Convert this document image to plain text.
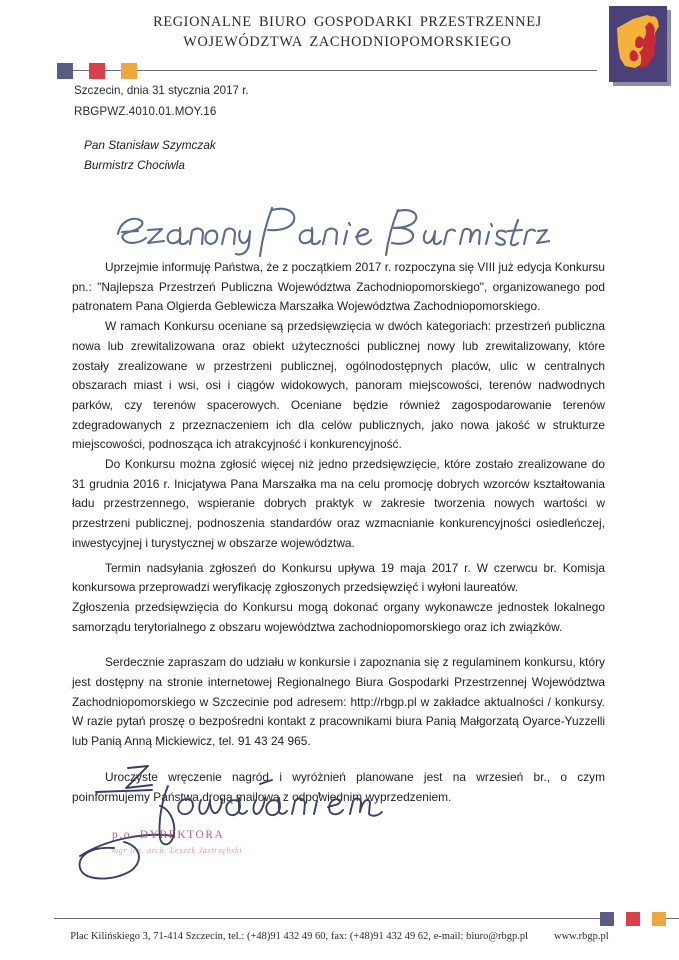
REGIONALNE BIURO GOSPODARKI PRZESTRZENNEJ
WOJEWÓDZTWA ZACHODNIOPOMORSKIEGO
Szczecin, dnia 31 stycznia 2017 r.
RBGPWZ.4010.01.MOY.16
Pan Stanisław Szymczak
Burmistrz Chociwla

Uprzejmie informuję Państwa, że z początkiem 2017 r. rozpoczyna się VIII już edycja Konkursu pn.: "Najlepsza Przestrzeń Publiczna Województwa Zachodniopomorskiego", organizowanego pod patronatem Pana Olgierda Geblewicza Marszałka Województwa Zachodniopomorskiego.

W ramach Konkursu oceniane są przedsięwzięcia w dwóch kategoriach: przestrzeń publiczna nowa lub zrewitalizowana oraz obiekt użyteczności publicznej nowy lub zrewitalizowany, które zostały zrealizowane w przestrzeni publicznej, ogólnodostępnych placów, ulic w centralnych obszarach miast i wsi, osi i ciągów widokowych, panoram miejscowości, terenów nadwodnych parków, czy terenów spacerowych. Oceniane będzie również zagospodarowanie terenów zdegradowanych z przeznaczeniem ich dla celów publicznych, jako nowa jakość w strukturze miejscowości, podnosząca ich atrakcyjność i konkurencyjność.

Do Konkursu można zgłosić więcej niż jedno przedsięwzięcie, które zostało zrealizowane do 31 grudnia 2016 r. Inicjatywa Pana Marszałka ma na celu promocję dobrych wzorców kształtowania ładu przestrzennego, wspieranie dobrych praktyk w zakresie tworzenia nowych wartości w przestrzeni publicznej, podnoszenia standardów oraz wzmacnianie konkurencyjności osiedleńczej, inwestycyjnej i turystycznej w obszarze województwa.

Termin nadsyłania zgłoszeń do Konkursu upływa 19 maja 2017 r. W czerwcu br. Komisja konkursowa przeprowadzi weryfikację zgłoszonych przedsięwzięć i wyłoni laureatów.

Zgłoszenia przedsięwzięcia do Konkursu mogą dokonać organy wykonawcze jednostek lokalnego samorządu terytorialnego z obszaru województwa zachodniopomorskiego oraz ich związków.

Serdecznie zapraszam do udziału w konkursie i zapoznania się z regulaminem konkursu, który jest dostępny na stronie internetowej Regionalnego Biura Gospodarki Przestrzennej Województwa Zachodniopomorskiego w Szczecinie pod adresem: http://rbgp.pl w zakładce aktualności / konkursy. W razie pytań proszę o bezpośredni kontakt z pracownikami biura Panią Małgorzatą Oyarce-Yuzzelli lub Panią Anną Mickiewicz, tel. 91 43 24 965.

Uroczyste wręczenie nagród i wyróżnień planowane jest na wrzesień br., o czym poinformujemy Państwa drogą mailową z odpowiednim wyprzedzeniem.

p.o. DYREKTORA
mgr inż. arch. Leszek Jastrzębski
Plac Kilińskiego 3, 71-414 Szczecin, tel.: (+48)91 432 49 60, fax: (+48)91 432 49 62, e-mail: biuro@rbgp.pl	www.rbgp.pl
